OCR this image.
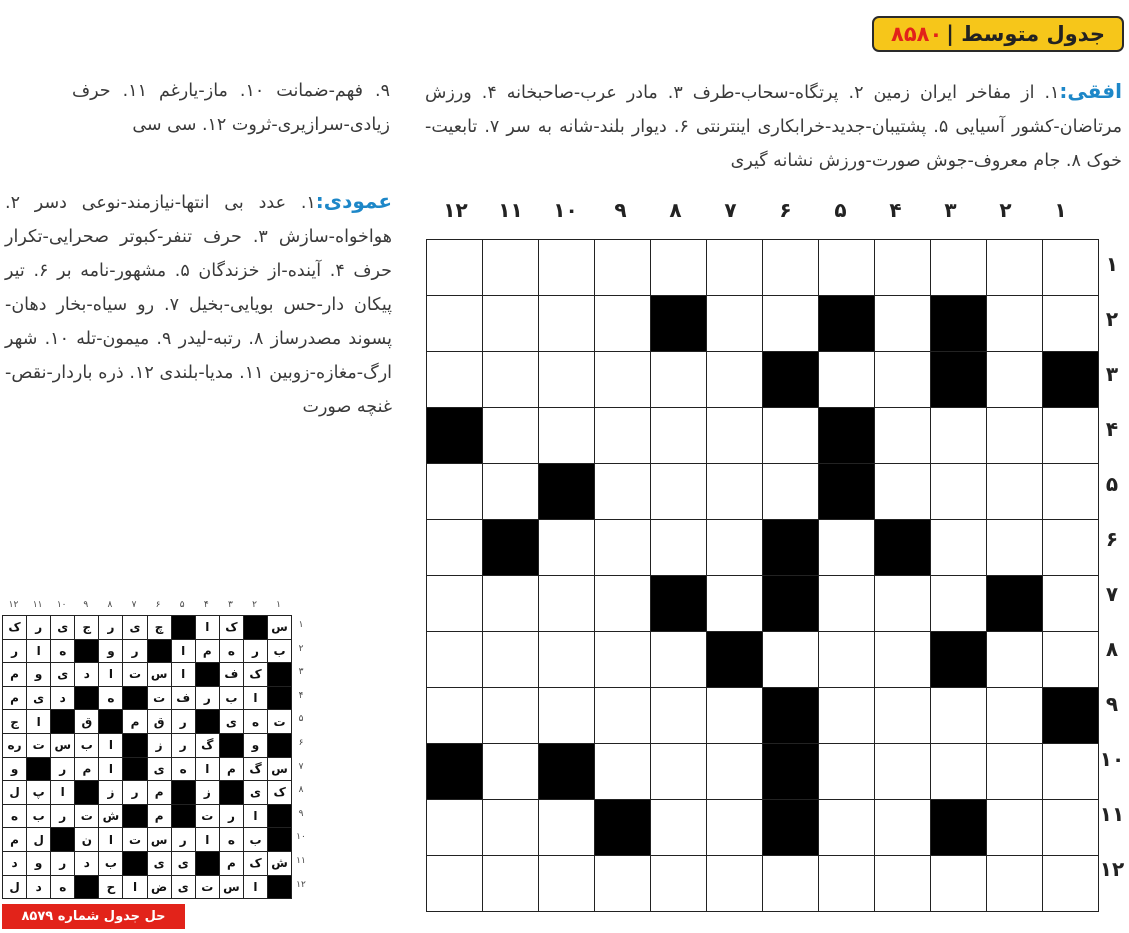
جدول متوسط |
۸۵۸۰
افقی:۱. از مفاخر ایران زمین ۲. پرتگاه-سحاب-طرف ۳. مادر عرب-صاحبخانه ۴. ورزش مرتاضان-کشور آسیایی ۵. پشتیبان-جدید-خرابکاری اینترنتی ۶. دیوار بلند-شانه به سر ۷. تابعیت-خوک ۸. جام معروف-جوش صورت-ورزش نشانه گیری
۹. فهم-ضمانت ۱۰. ماز-یارغم ۱۱. حرف زیادی-سرازیری-ثروت ۱۲. سی سی
عمودی:۱. عدد بی انتها-نیازمند-نوعی دسر ۲. هواخواه-سازش ۳. حرف تنفر-کبوتر صحرایی-تکرار حرف ۴. آینده-از خزندگان ۵. مشهور-نامه بر ۶. تیر پیکان دار-حس بویایی-بخیل ۷. رو سیاه-بخار دهان-پسوند مصدرساز ۸. رتبه-لیدر ۹. میمون-تله ۱۰. شهر ارگ-مغازه-زوبین ۱۱. مدیا-بلندی ۱۲. ذره باردار-نقص-غنچه صورت
۱
۲
۳
۴
۵
۶
۷
۸
۹
۱۰
۱۱
۱۲
۱
۲
۳
۴
۵
۶
۷
۸
۹
۱۰
۱۱
۱۲
۱
۲
۳
۴
۵
۶
۷
۸
۹
۱۰
۱۱
۱۲
۱
۲
۳
۴
۵
۶
۷
۸
۹
۱۰
۱۱
۱۲
س
ک
ا
چ
ی
ر
ج
ی
ر
ک
ب
ر
ه
م
ا
ر
و
ه
ا
ر
ک
ف
ا
س
ت
ا
د
ی
و
م
ا
ب
ر
ف
ت
ه
د
ی
م
ت
ه
ی
ر
ق
م
ق
ا
ج
و
گ
ر
ز
ا
ب
س
ت
ره
س
گ
م
ا
ه
ی
ا
م
ر
و
ک
ی
ز
م
ر
ز
ا
پ
ل
ا
ر
ت
م
ش
ت
ر
ب
ه
ب
ه
ا
ر
س
ت
ا
ن
ل
م
ش
ک
م
ی
ی
ب
د
ر
و
د
ا
س
ت
ی
ض
ا
ح
ه
د
ل
حل جدول شماره ۸۵۷۹
